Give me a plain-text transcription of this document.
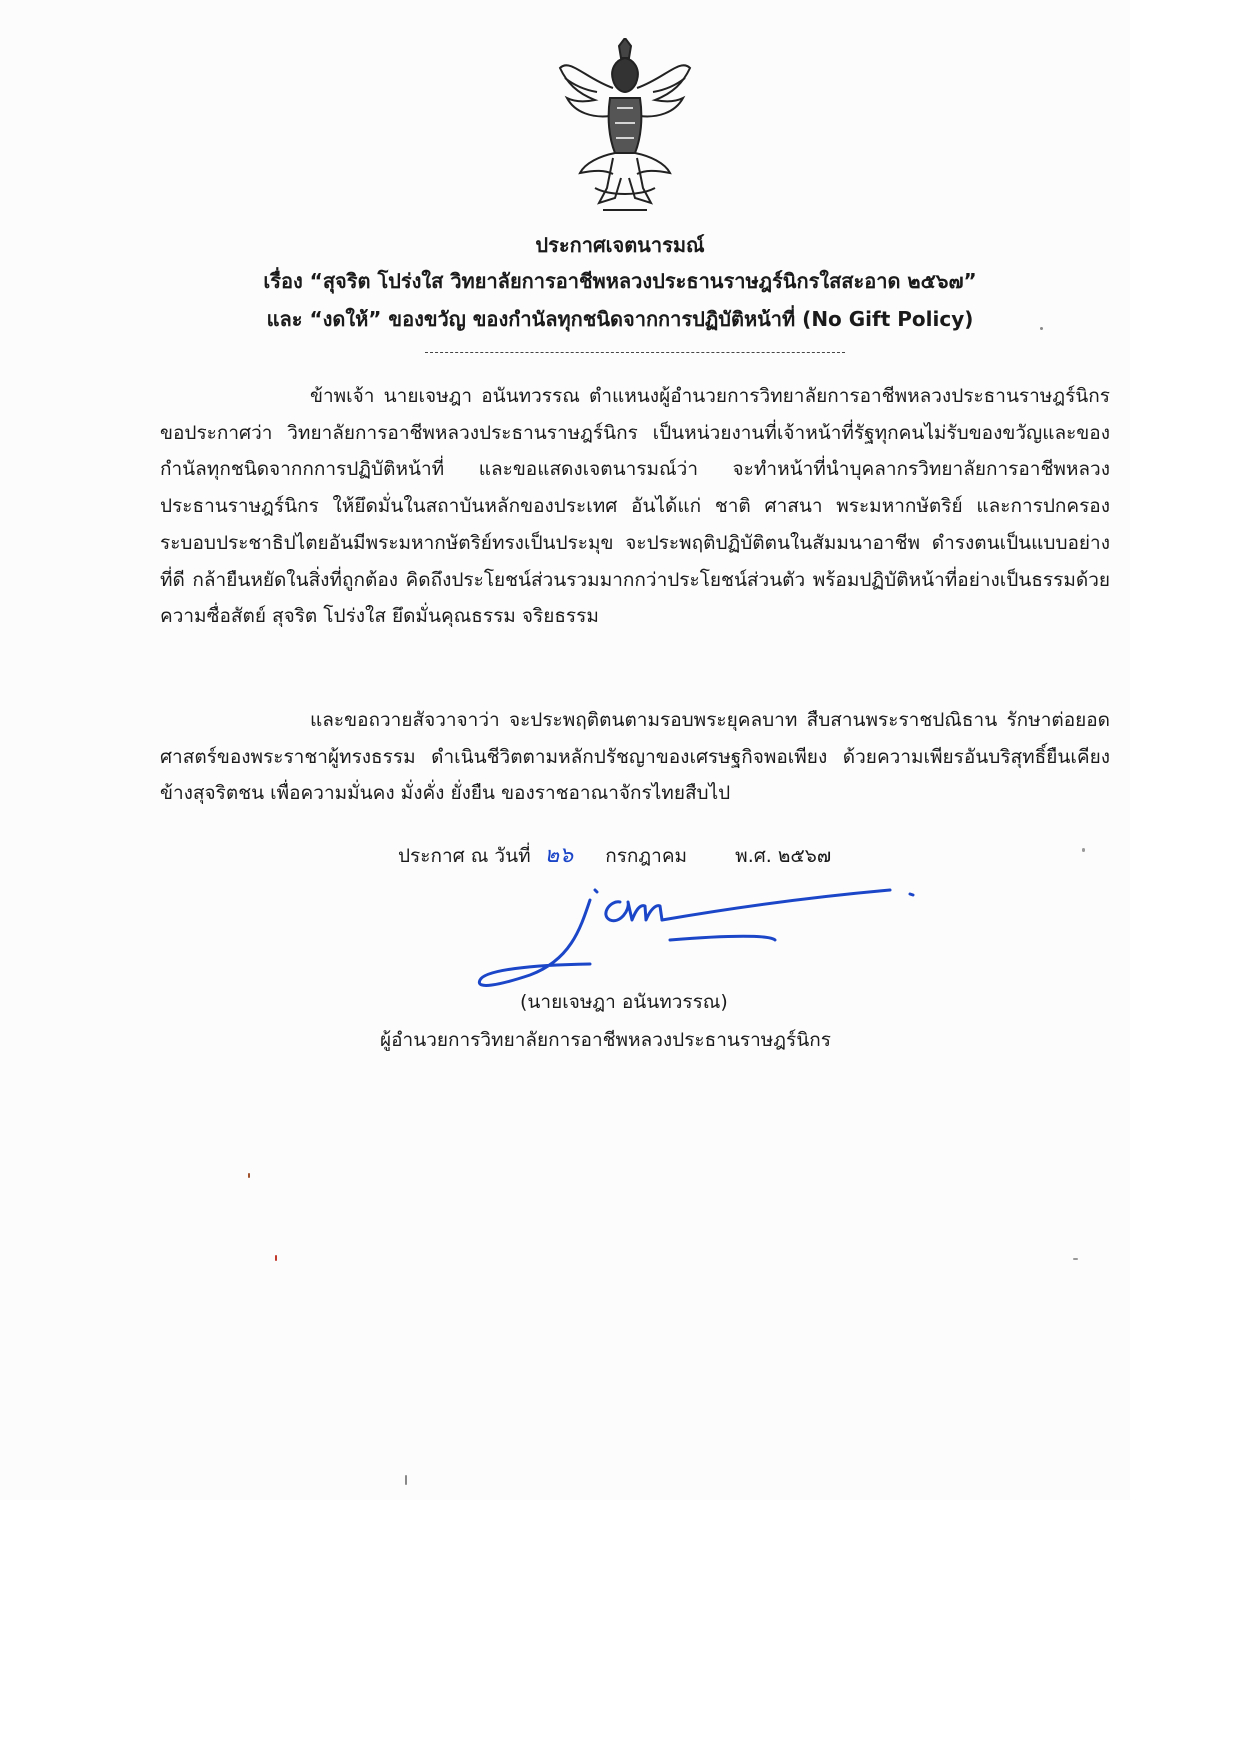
ประกาศเจตนารมณ์
เรื่อง “สุจริต โปร่งใส วิทยาลัยการอาชีพหลวงประธานราษฎร์นิกรใสสะอาด ๒๕๖๗”
และ “งดให้” ของขวัญ ของกำนัลทุกชนิดจากการปฏิบัติหน้าที่ (No Gift Policy)
ข้าพเจ้า นายเจษฎา อนันทวรรณ ตำแหนงผู้อำนวยการวิทยาลัยการอาชีพหลวงประธานราษฎร์นิกร ขอประกาศว่า วิทยาลัยการอาชีพหลวงประธานราษฎร์นิกร เป็นหน่วยงานที่เจ้าหน้าที่รัฐทุกคนไม่รับของขวัญและของกำนัลทุกชนิดจากกการปฏิบัติหน้าที่ และขอแสดงเจตนารมณ์ว่า จะทำหน้าที่นำบุคลากรวิทยาลัยการอาชีพหลวงประธานราษฎร์นิกร ให้ยึดมั่นในสถาบันหลักของประเทศ อันได้แก่ ชาติ ศาสนา พระมหากษัตริย์ และการปกครองระบอบประชาธิปไตยอันมีพระมหากษัตริย์ทรงเป็นประมุข จะประพฤติปฏิบัติตนในสัมมนาอาชีพ ดำรงตนเป็นแบบอย่างที่ดี กล้ายืนหยัดในสิ่งที่ถูกต้อง คิดถึงประโยชน์ส่วนรวมมากกว่าประโยชน์ส่วนตัว พร้อมปฏิบัติหน้าที่อย่างเป็นธรรมด้วยความซื่อสัตย์ สุจริต โปร่งใส ยึดมั่นคุณธรรม จริยธรรม
และขอถวายสัจวาจาว่า จะประพฤติตนตามรอบพระยุคลบาท สืบสานพระราชปณิธาน รักษาต่อยอดศาสตร์ของพระราชาผู้ทรงธรรม ดำเนินชีวิตตามหลักปรัชญาของเศรษฐกิจพอเพียง ด้วยความเพียรอันบริสุทธิ์ยืนเคียงข้างสุจริตชน เพื่อความมั่นคง มั่งคั่ง ยั่งยืน ของราชอาณาจักรไทยสืบไป
ประกาศ ณ วันที่ ๒๖ กรกฎาคม	พ.ศ. ๒๕๖๗
(นายเจษฎา อนันทวรรณ)
ผู้อำนวยการวิทยาลัยการอาชีพหลวงประธานราษฎร์นิกร
